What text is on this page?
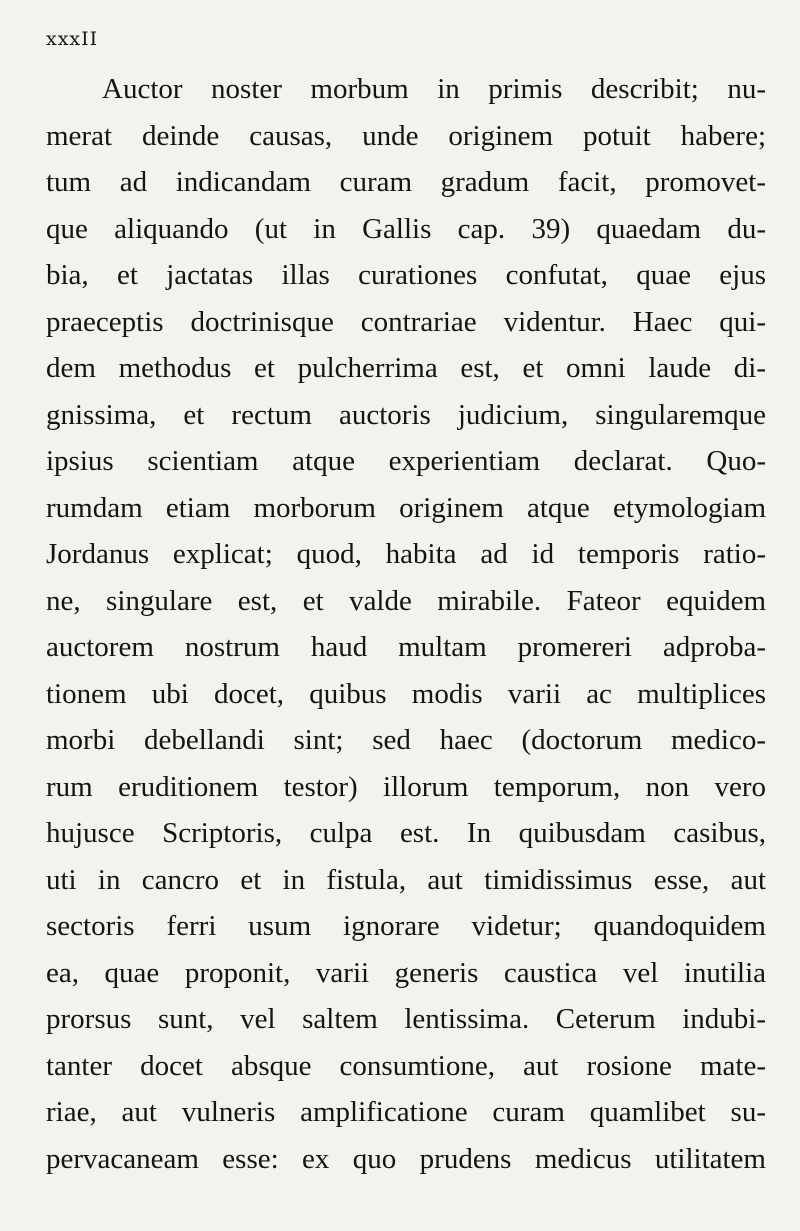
xxxII
Auctor noster morbum in primis describit; nu-
merat deinde causas, unde originem potuit habere;
tum ad indicandam curam gradum facit, promovet-
que aliquando (ut in Gallis cap. 39) quaedam du-
bia, et jactatas illas curationes confutat, quae ejus
praeceptis doctrinisque contrariae videntur. Haec qui-
dem methodus et pulcherrima est, et omni laude di-
gnissima, et rectum auctoris judicium, singularemque
ipsius scientiam atque experientiam declarat. Quo-
rumdam etiam morborum originem atque etymologiam
Jordanus explicat; quod, habita ad id temporis ratio-
ne, singulare est, et valde mirabile. Fateor equidem
auctorem nostrum haud multam promereri adproba-
tionem ubi docet, quibus modis varii ac multiplices
morbi debellandi sint; sed haec (doctorum medico-
rum eruditionem testor) illorum temporum, non vero
hujusce Scriptoris, culpa est. In quibusdam casibus,
uti in cancro et in fistula, aut timidissimus esse, aut
sectoris ferri usum ignorare videtur; quandoquidem
ea, quae proponit, varii generis caustica vel inutilia
prorsus sunt, vel saltem lentissima. Ceterum indubi-
tanter docet absque consumtione, aut rosione mate-
riae, aut vulneris amplificatione curam quamlibet su-
pervacaneam esse: ex quo prudens medicus utilitatem
